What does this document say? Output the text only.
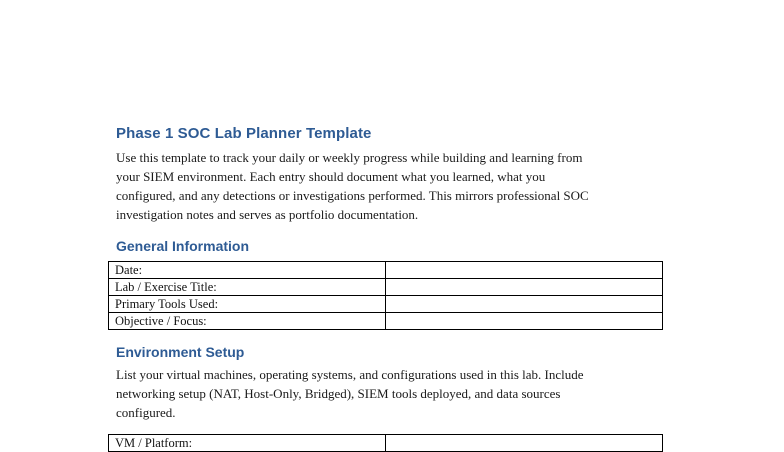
Phase 1 SOC Lab Planner Template
Use this template to track your daily or weekly progress while building and learning from
your SIEM environment. Each entry should document what you learned, what you
configured, and any detections or investigations performed. This mirrors professional SOC
investigation notes and serves as portfolio documentation.
General Information
Date:	
Lab / Exercise Title:	
Primary Tools Used:	
Objective / Focus:	
Environment Setup
List your virtual machines, operating systems, and configurations used in this lab. Include
networking setup (NAT, Host-Only, Bridged), SIEM tools deployed, and data sources
configured.
VM / Platform:	
